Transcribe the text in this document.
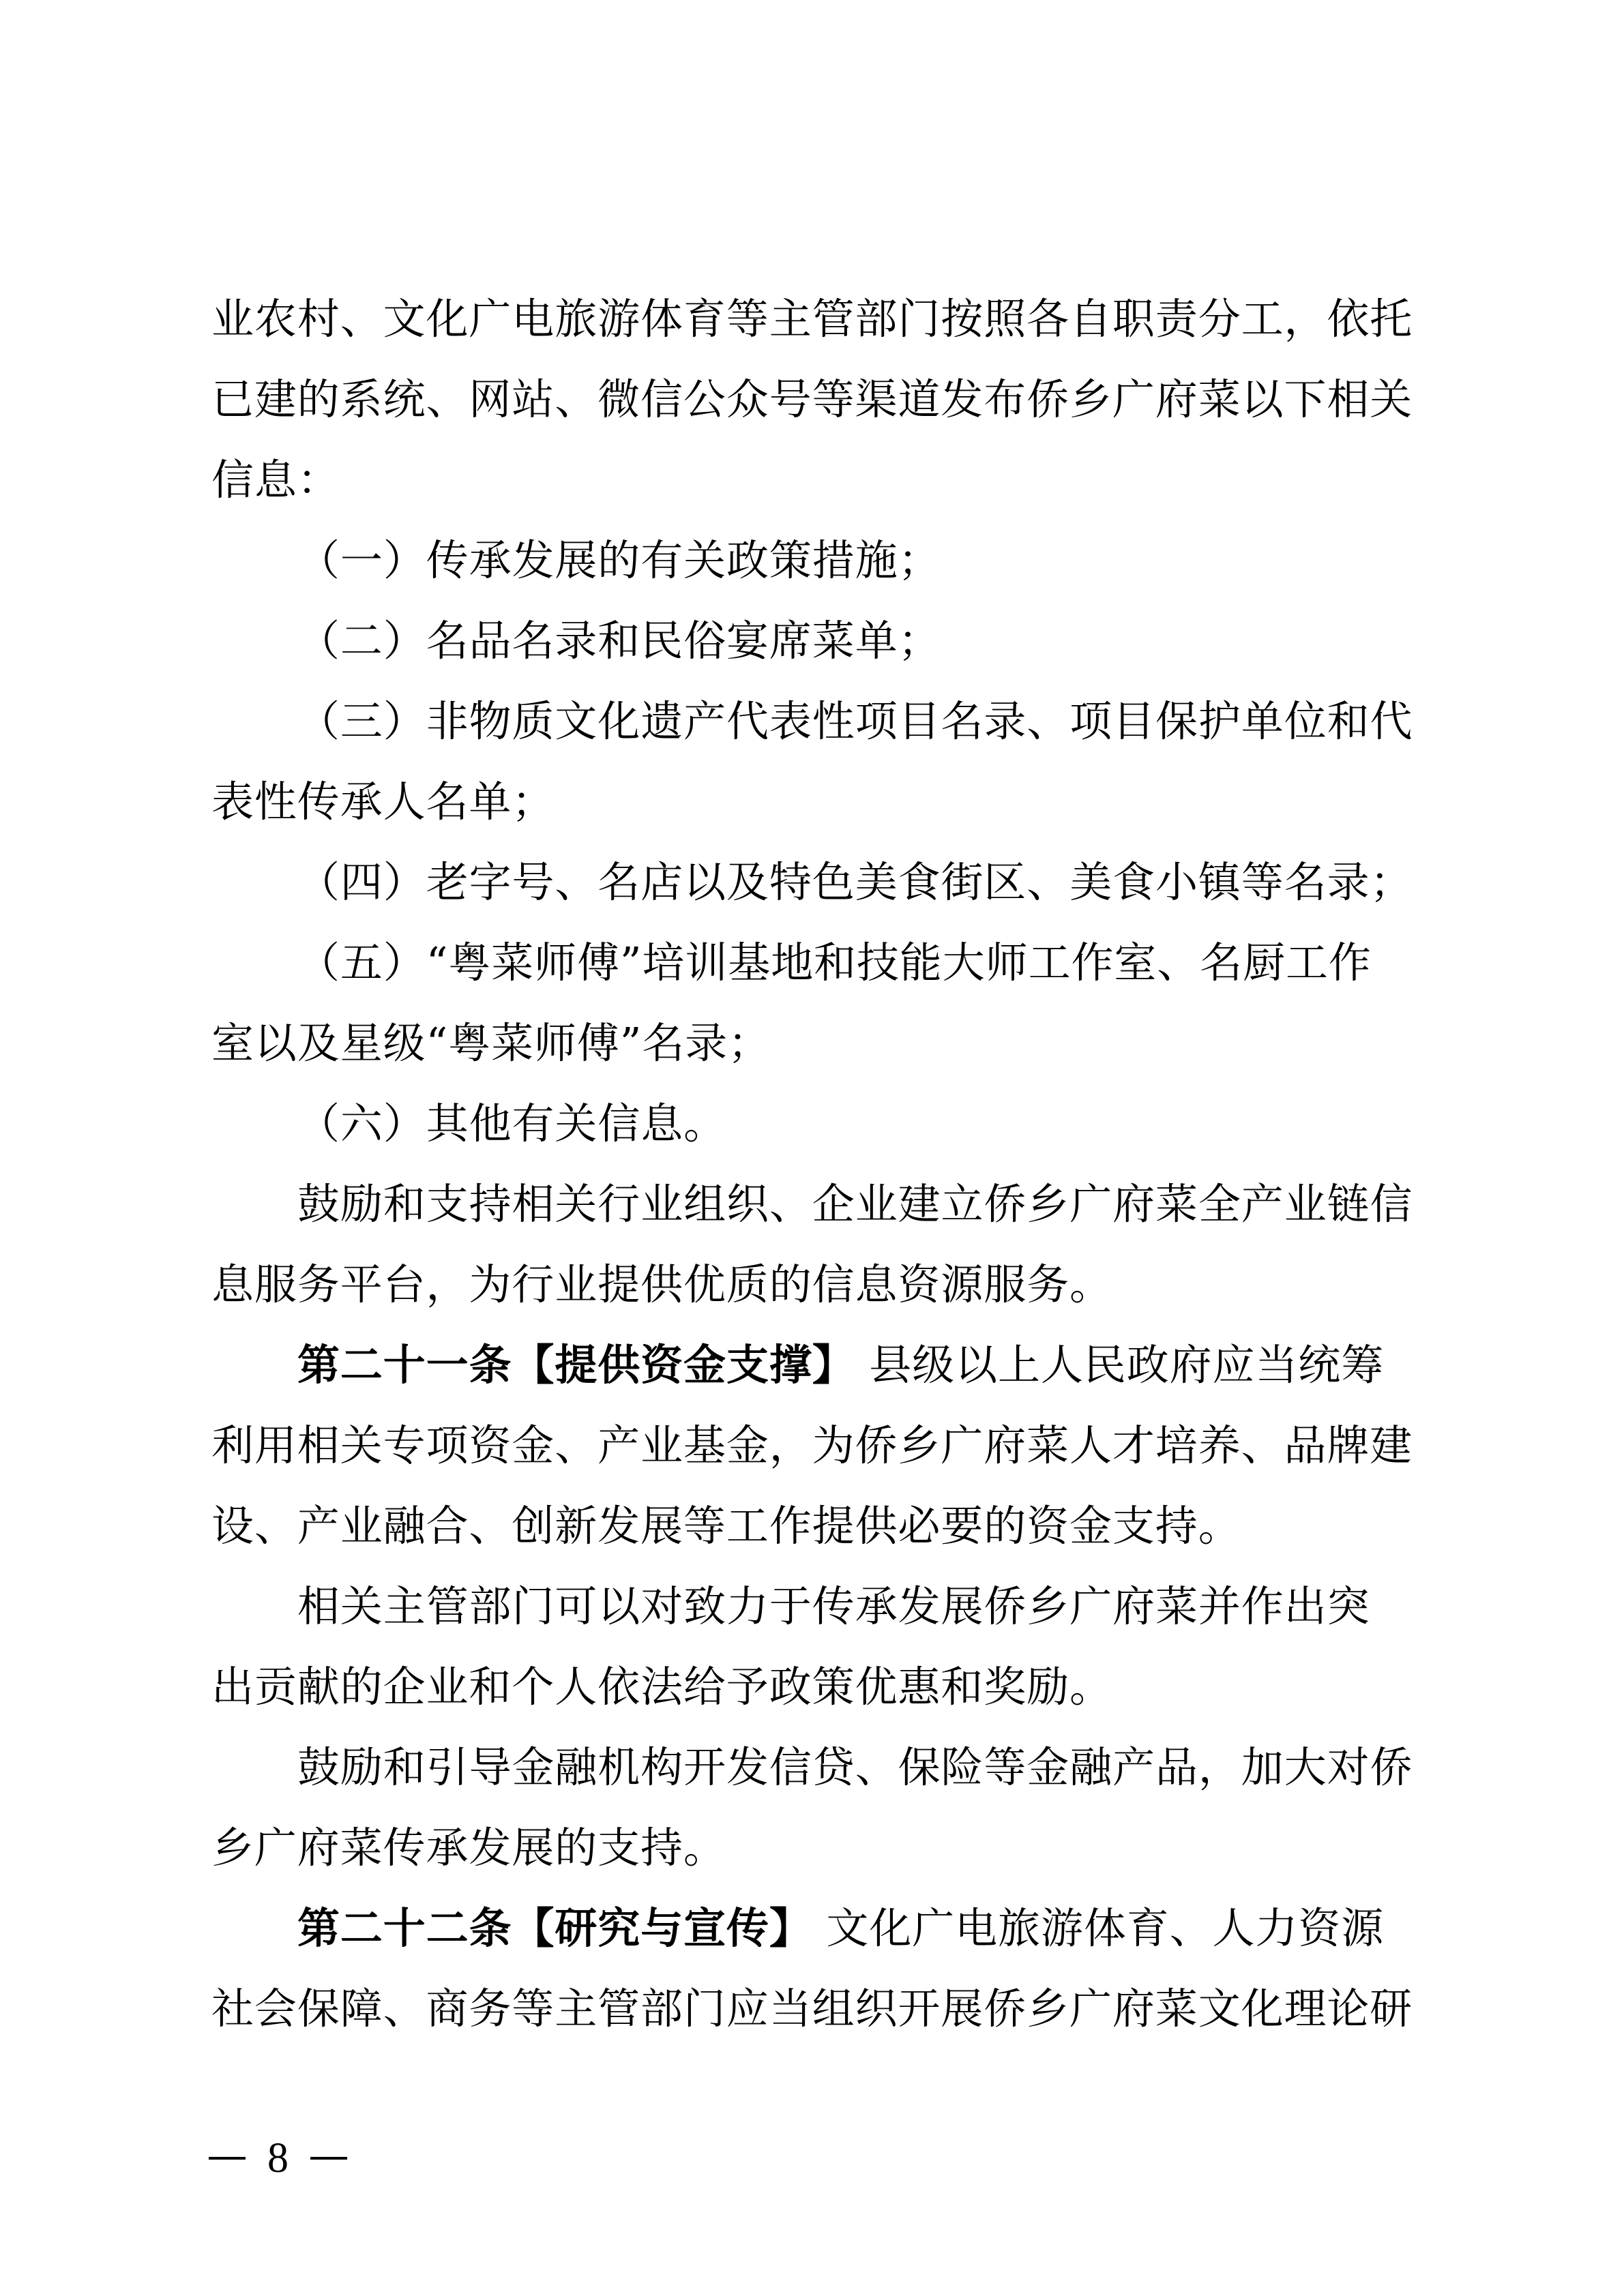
业农村、文化广电旅游体育等主管部门按照各自职责分工，依托
已建的系统、网站、微信公众号等渠道发布侨乡广府菜以下相关
信息：
（一）传承发展的有关政策措施；
（二）名品名录和民俗宴席菜单；
（三）非物质文化遗产代表性项目名录、项目保护单位和代
表性传承人名单；
（四）老字号、名店以及特色美食街区、美食小镇等名录；
（五）“粤菜师傅”培训基地和技能大师工作室、名厨工作
室以及星级“粤菜师傅”名录；
（六）其他有关信息。
鼓励和支持相关行业组织、企业建立侨乡广府菜全产业链信
息服务平台，为行业提供优质的信息资源服务。
第二十一条【提供资金支撑】 县级以上人民政府应当统筹
利用相关专项资金、产业基金，为侨乡广府菜人才培养、品牌建
设、产业融合、创新发展等工作提供必要的资金支持。
相关主管部门可以对致力于传承发展侨乡广府菜并作出突
出贡献的企业和个人依法给予政策优惠和奖励。
鼓励和引导金融机构开发信贷、保险等金融产品，加大对侨
乡广府菜传承发展的支持。
第二十二条【研究与宣传】 文化广电旅游体育、人力资源
社会保障、商务等主管部门应当组织开展侨乡广府菜文化理论研
8
